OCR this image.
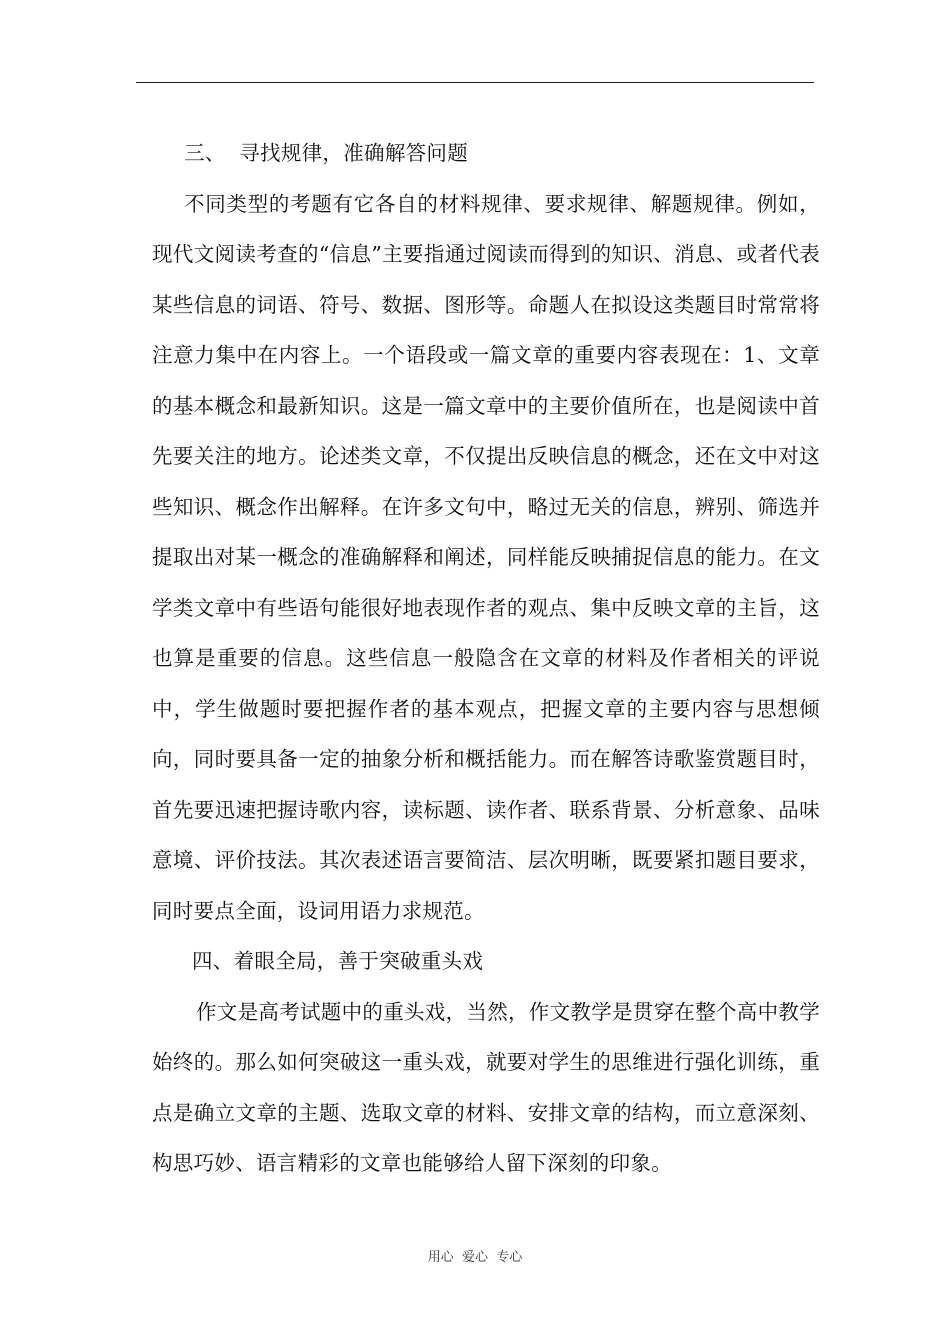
三、  寻找规律，准确解答问题

不同类型的考题有它各自的材料规律、要求规律、解题规律。例如，现代文阅读考查的“信息”主要指通过阅读而得到的知识、消息、或者代表某些信息的词语、符号、数据、图形等。命题人在拟设这类题目时常常将注意力集中在内容上。一个语段或一篇文章的重要内容表现在：1、文章的基本概念和最新知识。这是一篇文章中的主要价值所在，也是阅读中首先要关注的地方。论述类文章，不仅提出反映信息的概念，还在文中对这些知识、概念作出解释。在许多文句中，略过无关的信息，辨别、筛选并提取出对某一概念的准确解释和阐述，同样能反映捕捉信息的能力。在文学类文章中有些语句能很好地表现作者的观点、集中反映文章的主旨，这也算是重要的信息。这些信息一般隐含在文章的材料及作者相关的评说中，学生做题时要把握作者的基本观点，把握文章的主要内容与思想倾向，同时要具备一定的抽象分析和概括能力。而在解答诗歌鉴赏题目时，首先要迅速把握诗歌内容，读标题、读作者、联系背景、分析意象、品味意境、评价技法。其次表述语言要简洁、层次明晰，既要紧扣题目要求，同时要点全面，设词用语力求规范。

四、着眼全局，善于突破重头戏

作文是高考试题中的重头戏，当然，作文教学是贯穿在整个高中教学始终的。那么如何突破这一重头戏，就要对学生的思维进行强化训练，重点是确立文章的主题、选取文章的材料、安排文章的结构，而立意深刻、构思巧妙、语言精彩的文章也能够给人留下深刻的印象。

用心  爱心  专心
